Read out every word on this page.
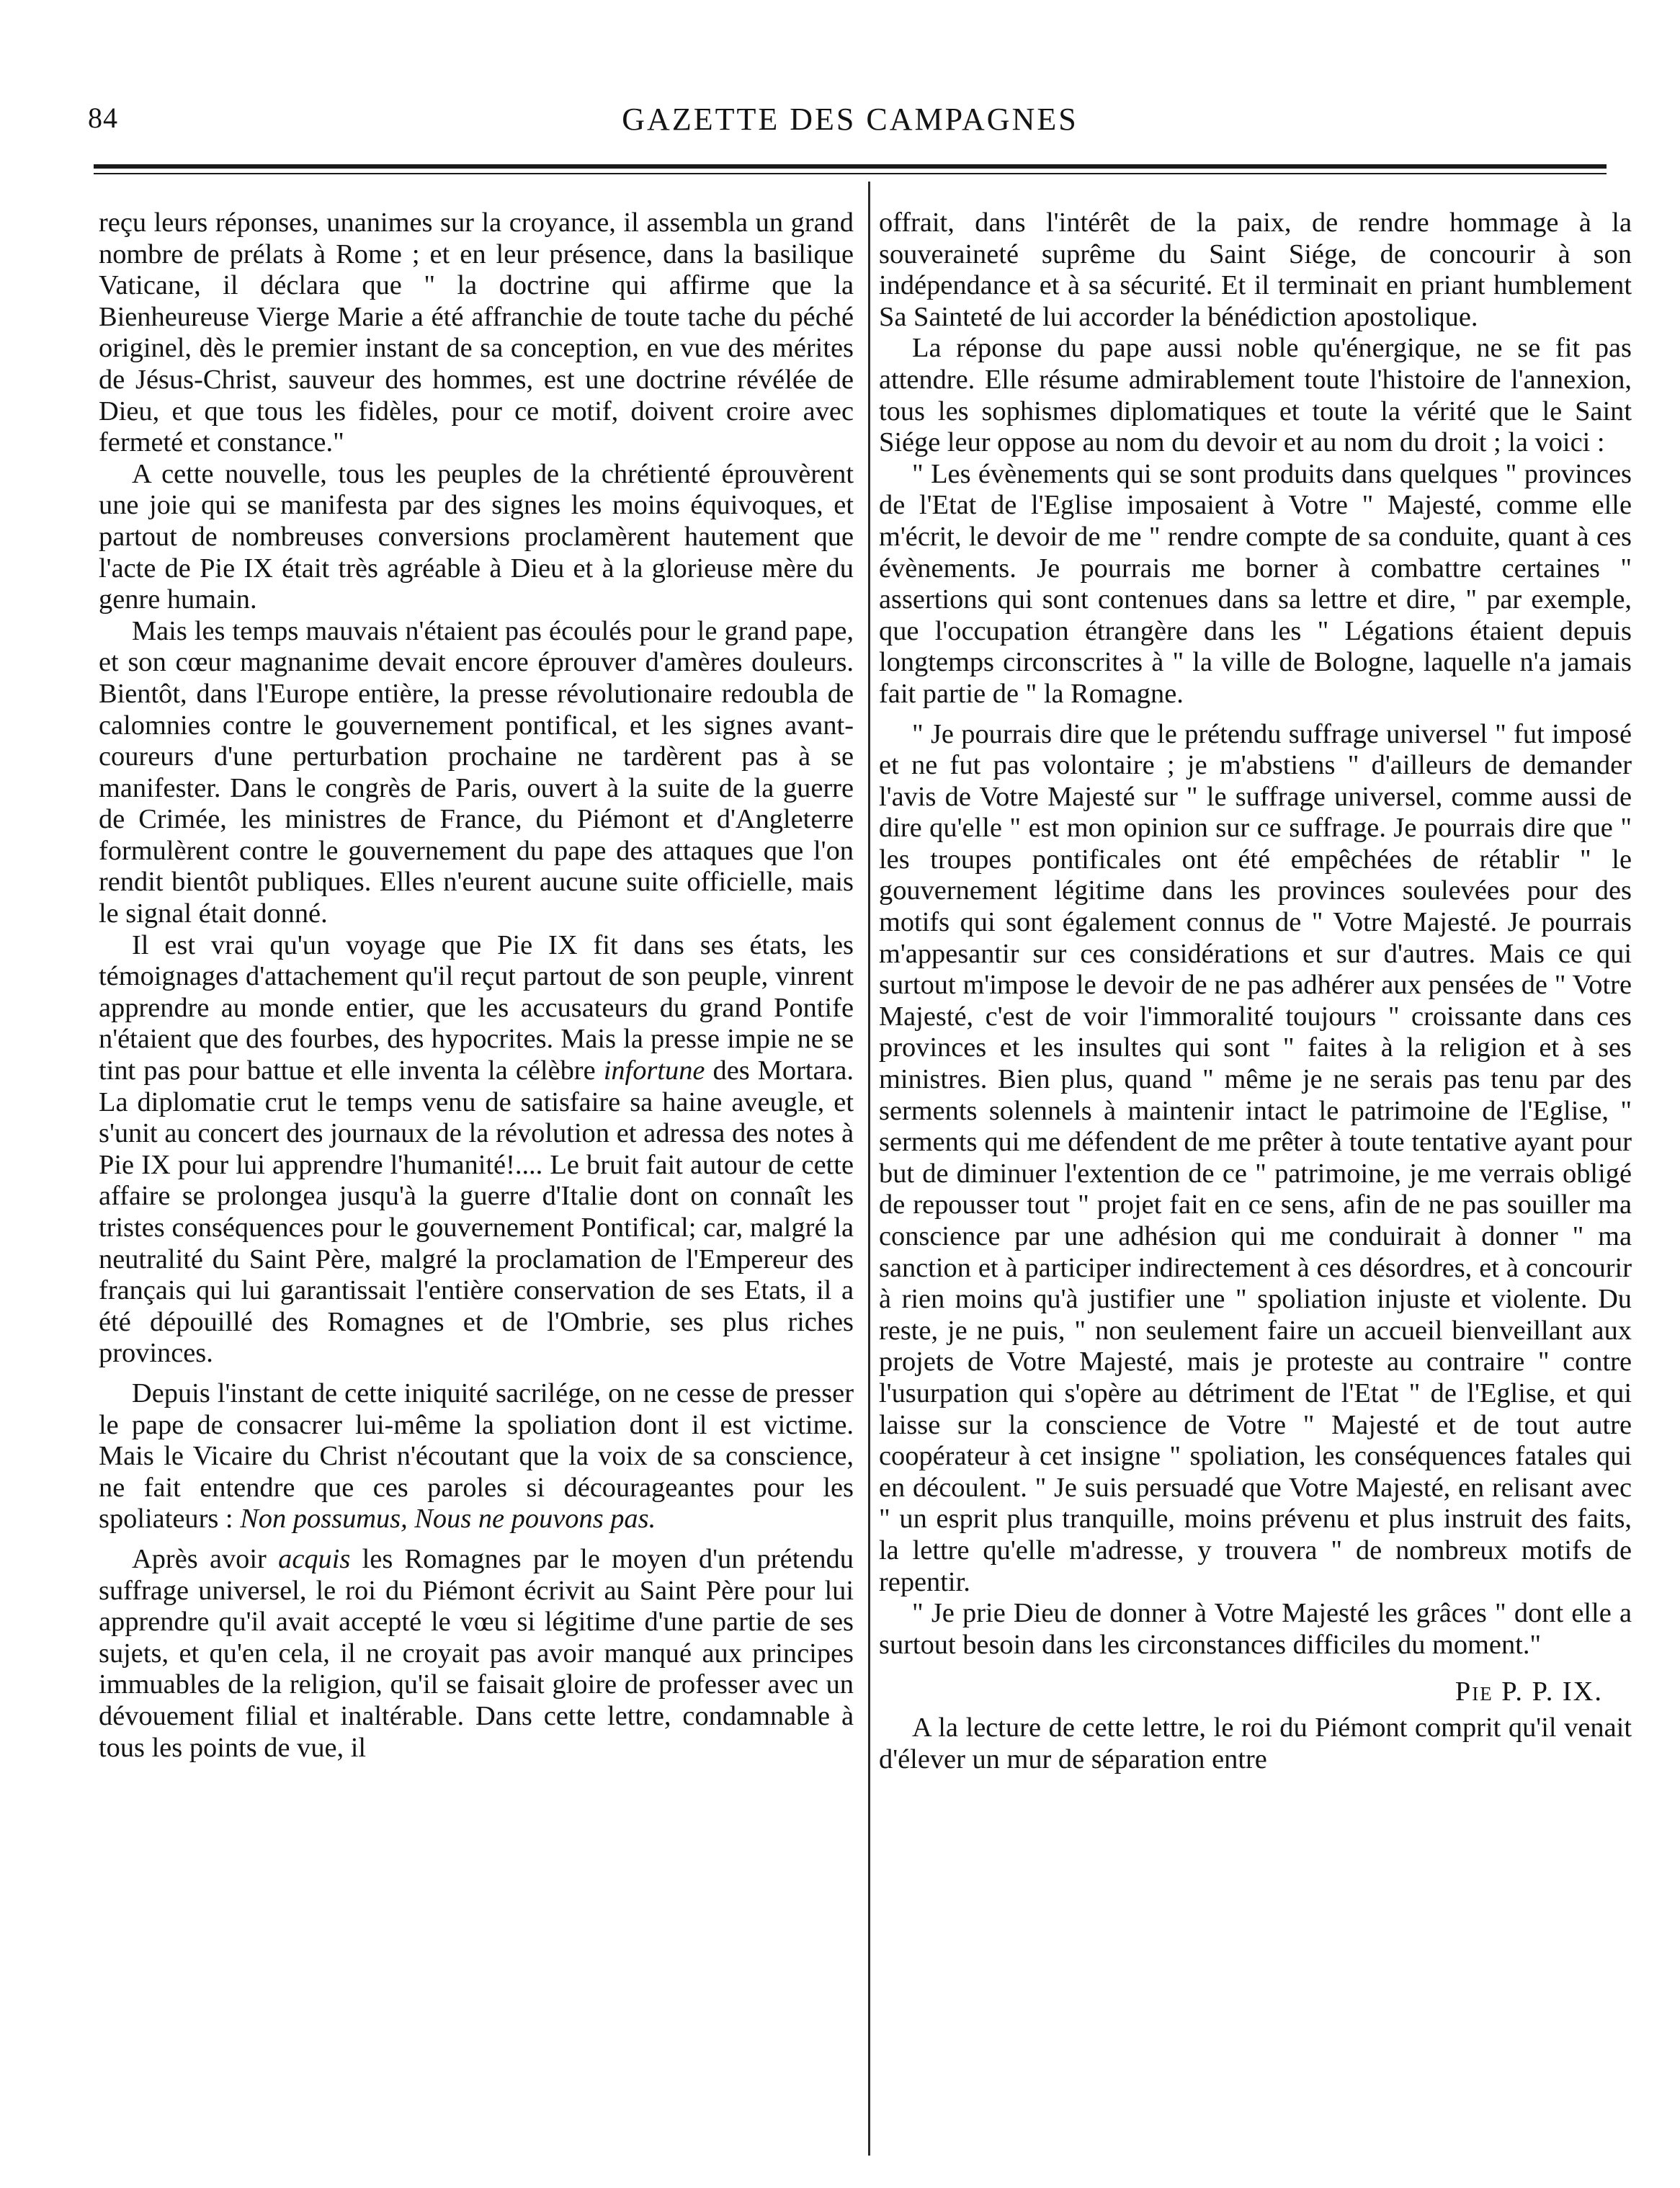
84	GAZETTE DES CAMPAGNES

reçu leurs réponses, unanimes sur la croyance, il assembla un grand nombre de prélats à Rome ; et en leur présence, dans la basilique Vaticane, il déclara que " la doctrine qui affirme que la Bienheureuse Vierge Marie a été affranchie de toute tache du péché originel, dès le premier instant de sa conception, en vue des mérites de Jésus-Christ, sauveur des hommes, est une doctrine révélée de Dieu, et que tous les fidèles, pour ce motif, doivent croire avec fermeté et constance."

A cette nouvelle, tous les peuples de la chrétienté éprouvèrent une joie qui se manifesta par des signes les moins équivoques, et partout de nombreuses conversions proclamèrent hautement que l'acte de Pie IX était très agréable à Dieu et à la glorieuse mère du genre humain.

Mais les temps mauvais n'étaient pas écoulés pour le grand pape, et son cœur magnanime devait encore éprouver d'amères douleurs. Bientôt, dans l'Europe entière, la presse révolutionaire redoubla de calomnies contre le gouvernement pontifical, et les signes avant-coureurs d'une perturbation prochaine ne tardèrent pas à se manifester. Dans le congrès de Paris, ouvert à la suite de la guerre de Crimée, les ministres de France, du Piémont et d'Angleterre formulèrent contre le gouvernement du pape des attaques que l'on rendit bientôt publiques. Elles n'eurent aucune suite officielle, mais le signal était donné.

Il est vrai qu'un voyage que Pie IX fit dans ses états, les témoignages d'attachement qu'il reçut partout de son peuple, vinrent apprendre au monde entier, que les accusateurs du grand Pontife n'étaient que des fourbes, des hypocrites. Mais la presse impie ne se tint pas pour battue et elle inventa la célèbre infortune des Mortara. La diplomatie crut le temps venu de satisfaire sa haine aveugle, et s'unit au concert des journaux de la révolution et adressa des notes à Pie IX pour lui apprendre l'humanité!.... Le bruit fait autour de cette affaire se prolongea jusqu'à la guerre d'Italie dont on connaît les tristes conséquences pour le gouvernement Pontifical; car, malgré la neutralité du Saint Père, malgré la proclamation de l'Empereur des français qui lui garantissait l'entière conservation de ses Etats, il a été dépouillé des Romagnes et de l'Ombrie, ses plus riches provinces.

Depuis l'instant de cette iniquité sacrilége, on ne cesse de presser le pape de consacrer lui-même la spoliation dont il est victime. Mais le Vicaire du Christ n'écoutant que la voix de sa conscience, ne fait entendre que ces paroles si décourageantes pour les spoliateurs : Non possumus, Nous ne pouvons pas.

Après avoir acquis les Romagnes par le moyen d'un prétendu suffrage universel, le roi du Piémont écrivit au Saint Père pour lui apprendre qu'il avait accepté le vœu si légitime d'une partie de ses sujets, et qu'en cela, il ne croyait pas avoir manqué aux principes immuables de la religion, qu'il se faisait gloire de professer avec un dévouement filial et inaltérable. Dans cette lettre, condamnable à tous les points de vue, il

offrait, dans l'intérêt de la paix, de rendre hommage à la souveraineté suprême du Saint Siége, de concourir à son indépendance et à sa sécurité. Et il terminait en priant humblement Sa Sainteté de lui accorder la bénédiction apostolique.

La réponse du pape aussi noble qu'énergique, ne se fit pas attendre. Elle résume admirablement toute l'histoire de l'annexion, tous les sophismes diplomatiques et toute la vérité que le Saint Siége leur oppose au nom du devoir et au nom du droit ; la voici :

" Les évènements qui se sont produits dans quelques " provinces de l'Etat de l'Eglise imposaient à Votre " Majesté, comme elle m'écrit, le devoir de me " rendre compte de sa conduite, quant à ces évènements. Je pourrais me borner à combattre certaines " assertions qui sont contenues dans sa lettre et dire, " par exemple, que l'occupation étrangère dans les " Légations étaient depuis longtemps circonscrites à " la ville de Bologne, laquelle n'a jamais fait partie de " la Romagne.

" Je pourrais dire que le prétendu suffrage universel " fut imposé et ne fut pas volontaire ; je m'abstiens " d'ailleurs de demander l'avis de Votre Majesté sur " le suffrage universel, comme aussi de dire qu'elle " est mon opinion sur ce suffrage. Je pourrais dire que " les troupes pontificales ont été empêchées de rétablir " le gouvernement légitime dans les provinces soulevées pour des motifs qui sont également connus de " Votre Majesté. Je pourrais m'appesantir sur ces considérations et sur d'autres. Mais ce qui surtout m'impose le devoir de ne pas adhérer aux pensées de " Votre Majesté, c'est de voir l'immoralité toujours " croissante dans ces provinces et les insultes qui sont " faites à la religion et à ses ministres. Bien plus, quand " même je ne serais pas tenu par des serments solennels à maintenir intact le patrimoine de l'Eglise, " serments qui me défendent de me prêter à toute tentative ayant pour but de diminuer l'extention de ce " patrimoine, je me verrais obligé de repousser tout " projet fait en ce sens, afin de ne pas souiller ma conscience par une adhésion qui me conduirait à donner " ma sanction et à participer indirectement à ces désordres, et à concourir à rien moins qu'à justifier une " spoliation injuste et violente. Du reste, je ne puis, " non seulement faire un accueil bienveillant aux projets de Votre Majesté, mais je proteste au contraire " contre l'usurpation qui s'opère au détriment de l'Etat " de l'Eglise, et qui laisse sur la conscience de Votre " Majesté et de tout autre coopérateur à cet insigne " spoliation, les conséquences fatales qui en découlent. " Je suis persuadé que Votre Majesté, en relisant avec " un esprit plus tranquille, moins prévenu et plus instruit des faits, la lettre qu'elle m'adresse, y trouvera " de nombreux motifs de repentir.

" Je prie Dieu de donner à Votre Majesté les grâces " dont elle a surtout besoin dans les circonstances difficiles du moment."

Pie P. P. IX.

A la lecture de cette lettre, le roi du Piémont comprit qu'il venait d'élever un mur de séparation entre
